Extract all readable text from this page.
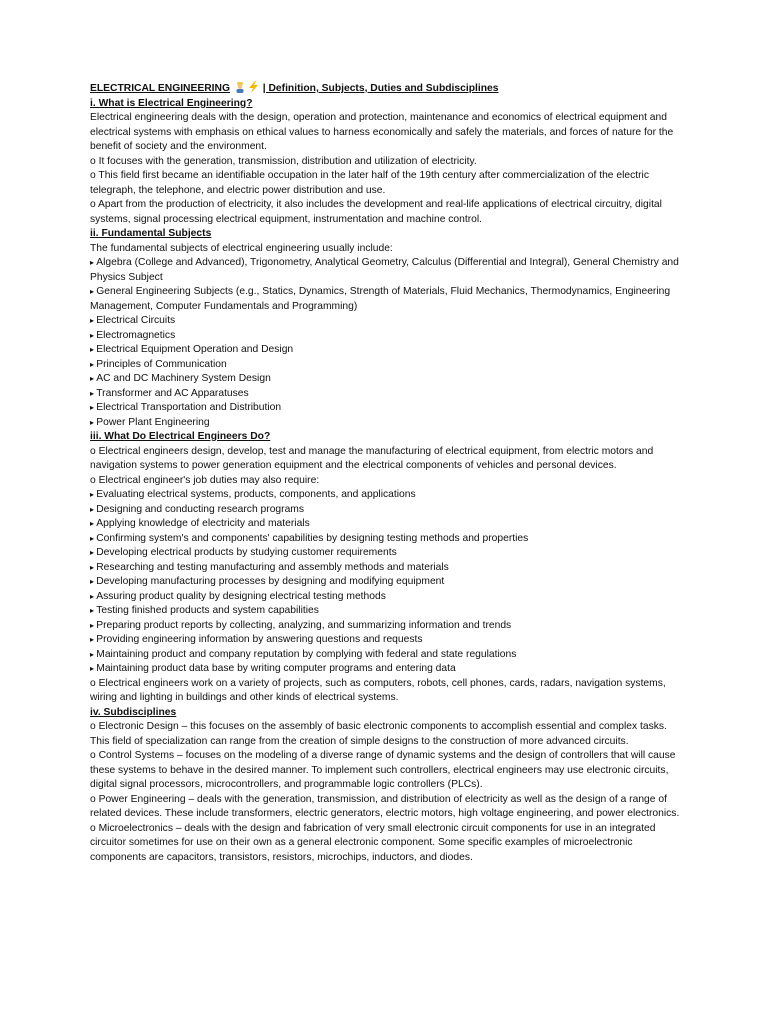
ELECTRICAL ENGINEERING	| Definition, Subjects, Duties and Subdisciplines

i. What is Electrical Engineering?

Electrical engineering deals with the design, operation and protection, maintenance and economics of electrical equipment and electrical systems with emphasis on ethical values to harness economically and safely the materials, and forces of nature for the benefit of society and the environment.

o It focuses with the generation, transmission, distribution and utilization of electricity.

o This field first became an identifiable occupation in the later half of the 19th century after commercialization of the electric telegraph, the telephone, and electric power distribution and use.

o Apart from the production of electricity, it also includes the development and real-life applications of electrical circuitry, digital systems, signal processing electrical equipment, instrumentation and machine control.

ii. Fundamental Subjects

The fundamental subjects of electrical engineering usually include:

▸ Algebra (College and Advanced), Trigonometry, Analytical Geometry, Calculus (Differential and Integral), General Chemistry and Physics Subject
▸ General Engineering Subjects (e.g., Statics, Dynamics, Strength of Materials, Fluid Mechanics, Thermodynamics, Engineering Management, Computer Fundamentals and Programming)
▸ Electrical Circuits
▸ Electromagnetics
▸ Electrical Equipment Operation and Design
▸ Principles of Communication
▸ AC and DC Machinery System Design
▸ Transformer and AC Apparatuses
▸ Electrical Transportation and Distribution
▸ Power Plant Engineering
iii. What Do Electrical Engineers Do?

o Electrical engineers design, develop, test and manage the manufacturing of electrical equipment, from electric motors and navigation systems to power generation equipment and the electrical components of vehicles and personal devices.

o Electrical engineer's job duties may also require:

▸ Evaluating electrical systems, products, components, and applications
▸ Designing and conducting research programs
▸ Applying knowledge of electricity and materials
▸ Confirming system's and components' capabilities by designing testing methods and properties
▸ Developing electrical products by studying customer requirements
▸ Researching and testing manufacturing and assembly methods and materials
▸ Developing manufacturing processes by designing and modifying equipment
▸ Assuring product quality by designing electrical testing methods
▸ Testing finished products and system capabilities
▸ Preparing product reports by collecting, analyzing, and summarizing information and trends
▸ Providing engineering information by answering questions and requests
▸ Maintaining product and company reputation by complying with federal and state regulations
▸ Maintaining product data base by writing computer programs and entering data

o Electrical engineers work on a variety of projects, such as computers, robots, cell phones, cards, radars, navigation systems, wiring and lighting in buildings and other kinds of electrical systems.

iv. Subdisciplines

o Electronic Design – this focuses on the assembly of basic electronic components to accomplish essential and complex tasks. This field of specialization can range from the creation of simple designs to the construction of more advanced circuits.

o Control Systems – focuses on the modeling of a diverse range of dynamic systems and the design of controllers that will cause these systems to behave in the desired manner. To implement such controllers, electrical engineers may use electronic circuits, digital signal processors, microcontrollers, and programmable logic controllers (PLCs).

o Power Engineering – deals with the generation, transmission, and distribution of electricity as well as the design of a range of related devices. These include transformers, electric generators, electric motors, high voltage engineering, and power electronics.

o Microelectronics – deals with the design and fabrication of very small electronic circuit components for use in an integrated circuitor sometimes for use on their own as a general electronic component. Some specific examples of microelectronic components are capacitors, transistors, resistors, microchips, inductors, and diodes.
